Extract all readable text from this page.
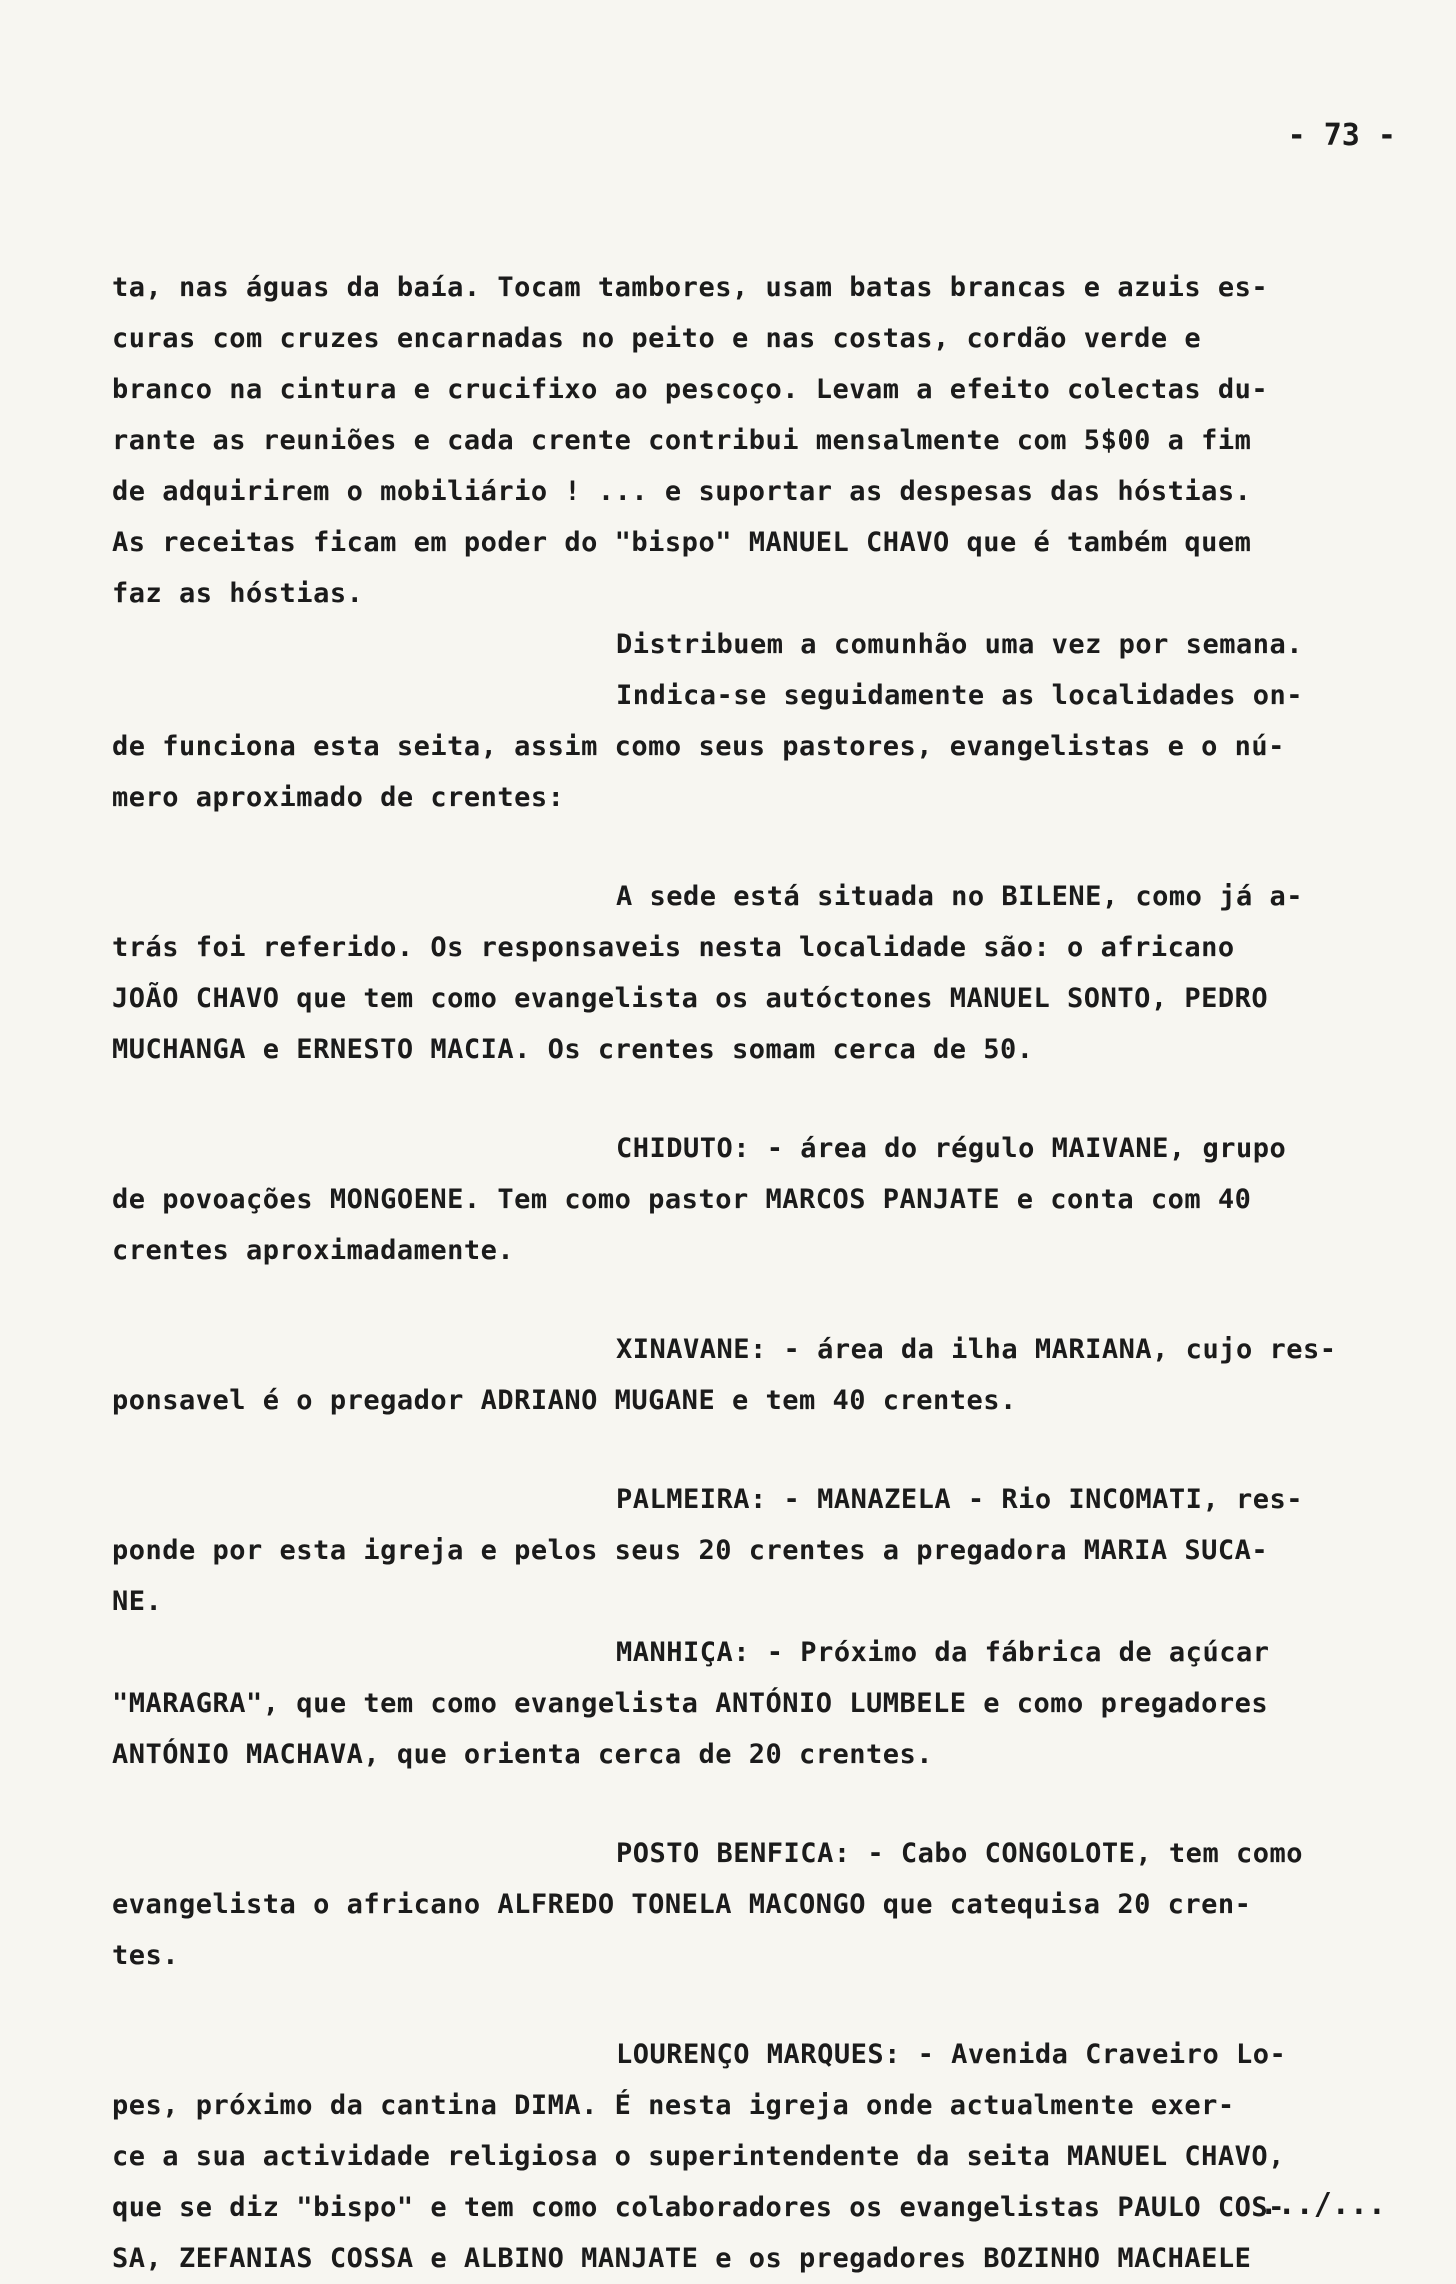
- 73 -

ta, nas águas da baía. Tocam tambores, usam batas brancas e azuis es-
curas com cruzes encarnadas no peito e nas costas, cordão verde e
branco na cintura e crucifixo ao pescoço. Levam a efeito colectas du-
rante as reuniões e cada crente contribui mensalmente com 5$00 a fim
de adquirirem o mobiliário ! ... e suportar as despesas das hóstias.
As receitas ficam em poder do "bispo" MANUEL CHAVO que é também quem
faz as hóstias.

Distribuem a comunhão uma vez por semana.

Indica-se seguidamente as localidades on-
de funciona esta seita, assim como seus pastores, evangelistas e o nú-
mero aproximado de crentes:

A sede está situada no BILENE, como já a-
trás foi referido. Os responsaveis nesta localidade são: o africano
JOÃO CHAVO que tem como evangelista os autóctones MANUEL SONTO, PEDRO
MUCHANGA e ERNESTO MACIA. Os crentes somam cerca de 50.

CHIDUTO: - área do régulo MAIVANE, grupo
de povoações MONGOENE. Tem como pastor MARCOS PANJATE e conta com 40
crentes aproximadamente.

XINAVANE: - área da ilha MARIANA, cujo res-
ponsavel é o pregador ADRIANO MUGANE e tem 40 crentes.

PALMEIRA: - MANAZELA - Rio INCOMATI, res-
ponde por esta igreja e pelos seus 20 crentes a pregadora MARIA SUCA-
NE.

MANHIÇA: - Próximo da fábrica de açúcar
"MARAGRA", que tem como evangelista ANTÓNIO LUMBELE e como pregadores
ANTÓNIO MACHAVA, que orienta cerca de 20 crentes.

POSTO BENFICA: - Cabo CONGOLOTE, tem como
evangelista o africano ALFREDO TONELA MACONGO que catequisa 20 cren-
tes.

LOURENÇO MARQUES: - Avenida Craveiro Lo-
pes, próximo da cantina DIMA. É nesta igreja onde actualmente exer-
ce a sua actividade religiosa o superintendente da seita MANUEL CHAVO,
que se diz "bispo" e tem como colaboradores os evangelistas PAULO COS-
SA, ZEFANIAS COSSA e ALBINO MANJATE e os pregadores BOZINHO MACHAELE

.../...
